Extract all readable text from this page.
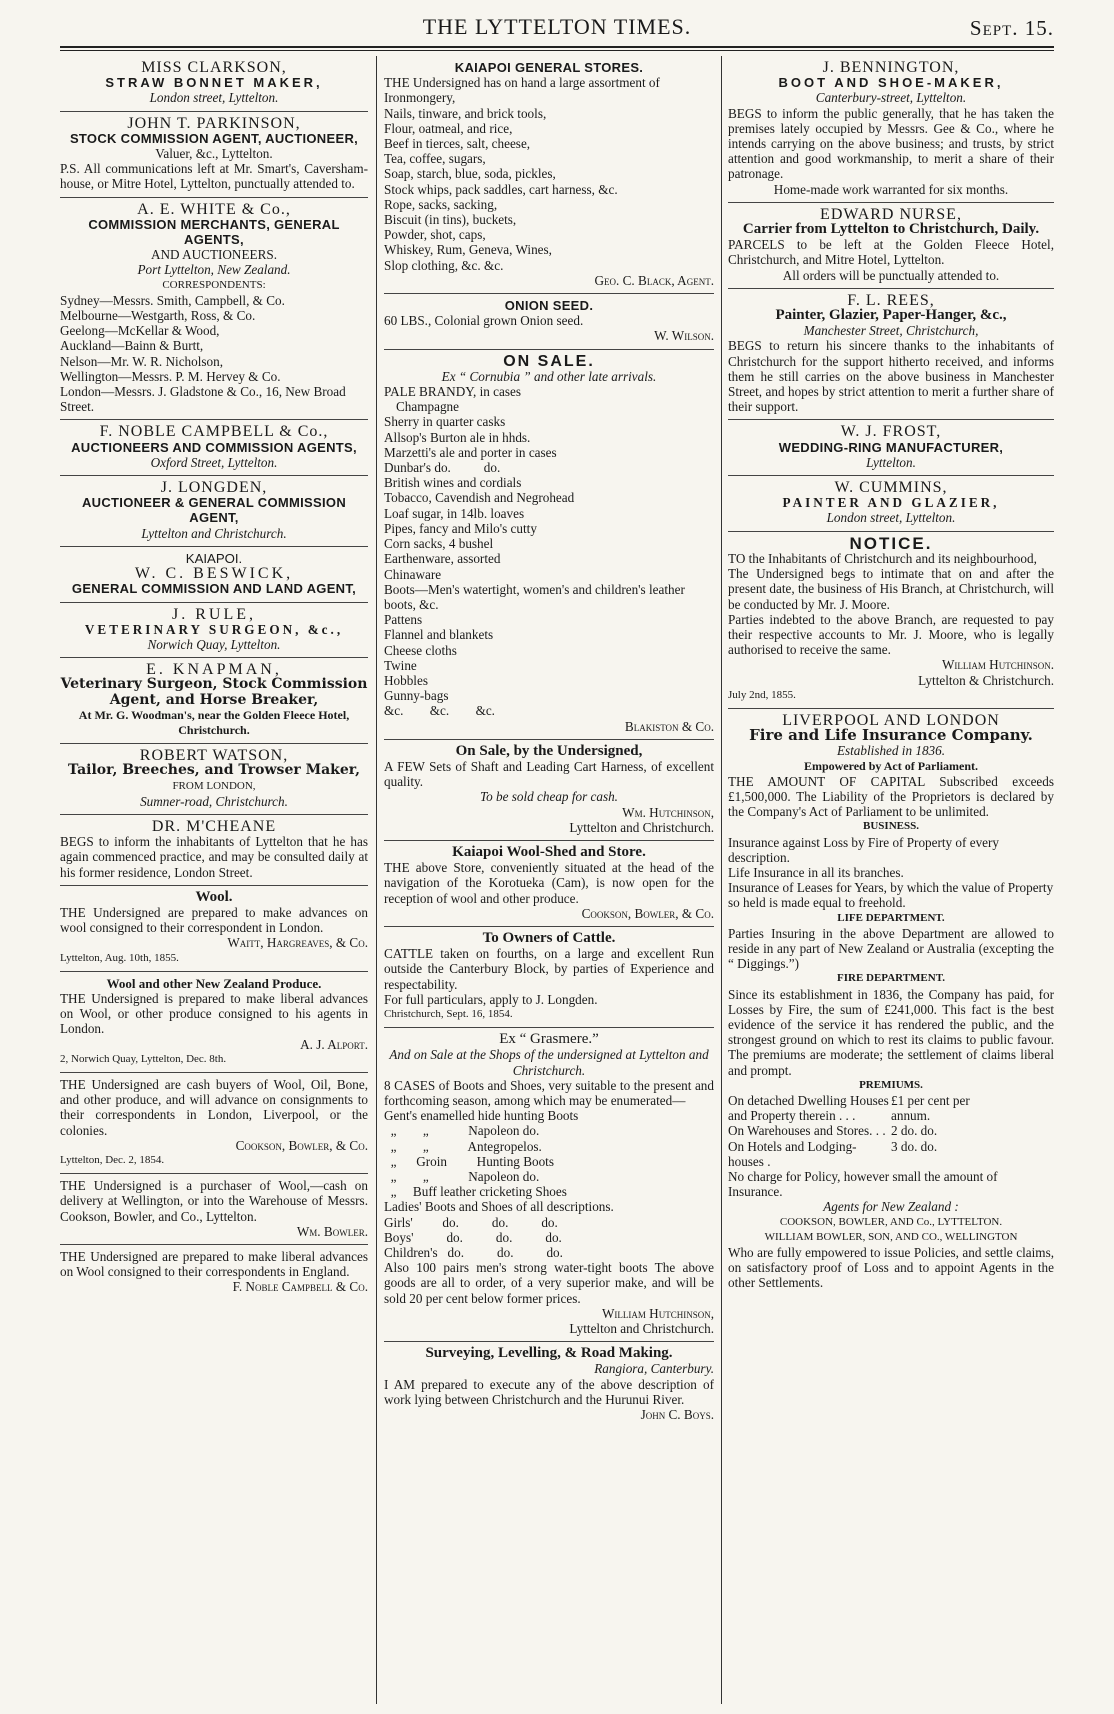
THE LYTTELTON TIMES.	Sept. 15.
MISS CLARKSON,
STRAW BONNET MAKER,
London street, Lyttelton.
JOHN T. PARKINSON,
STOCK COMMISSION AGENT, AUCTIONEER,
Valuer, &c., Lyttelton.
P.S. All communications left at Mr. Smart's, Caversham-house, or Mitre Hotel, Lyttelton, punctually attended to.
A. E. WHITE & Co.,
COMMISSION MERCHANTS, GENERAL AGENTS,
AND AUCTIONEERS.
Port Lyttelton, New Zealand.
CORRESPONDENTS:
Sydney—Messrs. Smith, Campbell, & Co.
Melbourne—Westgarth, Ross, & Co.
Geelong—McKellar & Wood,
Auckland—Bainn & Burtt,
Nelson—Mr. W. R. Nicholson,
Wellington—Messrs. P. M. Hervey & Co.
London—Messrs. J. Gladstone & Co., 16, New Broad Street.
F. NOBLE CAMPBELL & Co.,
AUCTIONEERS AND COMMISSION AGENTS,
Oxford Street, Lyttelton.
J. LONGDEN,
AUCTIONEER & GENERAL COMMISSION AGENT,
Lyttelton and Christchurch.
KAIAPOI.
W. C. BESWICK,
GENERAL COMMISSION AND LAND AGENT,
J. RULE,
VETERINARY SURGEON, &c.,
Norwich Quay, Lyttelton.
E. KNAPMAN,
Veterinary Surgeon, Stock Commission Agent, and Horse Breaker,
At Mr. G. Woodman's, near the Golden Fleece Hotel, Christchurch.
ROBERT WATSON,
Tailor, Breeches, and Trowser Maker,
FROM LONDON,
Sumner-road, Christchurch.
DR. M'CHEANE
BEGS to inform the inhabitants of Lyttelton that he has again commenced practice, and may be consulted daily at his former residence, London Street.
Wool.
THE Undersigned are prepared to make advances on wool consigned to their correspondent in London.
Waitt, Hargreaves, & Co.
Lyttelton, Aug. 10th, 1855.
Wool and other New Zealand Produce.
THE Undersigned is prepared to make liberal advances on Wool, or other produce consigned to his agents in London.
A. J. Alport.
2, Norwich Quay, Lyttelton, Dec. 8th.
THE Undersigned are cash buyers of Wool, Oil, Bone, and other produce, and will advance on consignments to their correspondents in London, Liverpool, or the colonies.
Cookson, Bowler, & Co.
Lyttelton, Dec. 2, 1854.
THE Undersigned is a purchaser of Wool,—cash on delivery at Wellington, or into the Warehouse of Messrs. Cookson, Bowler, and Co., Lyttelton.
Wm. Bowler.
THE Undersigned are prepared to make liberal advances on Wool consigned to their correspondents in England.
F. Noble Campbell & Co.
KAIAPOI GENERAL STORES.
THE Undersigned has on hand a large assortment of
Ironmongery,
Nails, tinware, and brick tools,
Flour, oatmeal, and rice,
Beef in tierces, salt, cheese,
Tea, coffee, sugars,
Soap, starch, blue, soda, pickles,
Stock whips, pack saddles, cart harness, &c.
Rope, sacks, sacking,
Biscuit (in tins), buckets,
Powder, shot, caps,
Whiskey, Rum, Geneva, Wines,
Slop clothing, &c. &c.
Geo. C. Black, Agent.
ONION SEED.
60 LBS., Colonial grown Onion seed.
W. Wilson.
ON SALE.
Ex “ Cornubia ” and other late arrivals.
PALE BRANDY, in cases
Champagne
Sherry in quarter casks
Allsop's Burton ale in hhds.
Marzetti's ale and porter in cases
Dunbar's do.          do.
British wines and cordials
Tobacco, Cavendish and Negrohead
Loaf sugar, in 14lb. loaves
Pipes, fancy and Milo's cutty
Corn sacks, 4 bushel
Earthenware, assorted
Chinaware
Boots—Men's watertight, women's and children's leather boots, &c.
Pattens
Flannel and blankets
Cheese cloths
Twine
Hobbles
Gunny-bags
&c.        &c.        &c.
Blakiston & Co.
On Sale, by the Undersigned,
A FEW Sets of Shaft and Leading Cart Harness, of excellent quality.
To be sold cheap for cash.
Wm. Hutchinson,
Lyttelton and Christchurch.
Kaiapoi Wool-Shed and Store.
THE above Store, conveniently situated at the head of the navigation of the Korotueka (Cam), is now open for the reception of wool and other produce.
Cookson, Bowler, & Co.
To Owners of Cattle.
CATTLE taken on fourths, on a large and excellent Run outside the Canterbury Block, by parties of Experience and respectability.
For full particulars, apply to J. Longden.
Christchurch, Sept. 16, 1854.
Ex “ Grasmere.”
And on Sale at the Shops of the undersigned at Lyttelton and Christchurch.
8 CASES of Boots and Shoes, very suitable to the present and forthcoming season, among which may be enumerated—
Gent's enamelled hide hunting Boots
„        „            Napoleon do.
„        „            Antegropelos.
„      Groin         Hunting Boots
„        „            Napoleon do.
„     Buff leather cricketing Shoes
Ladies' Boots and Shoes of all descriptions.
Girls'         do.          do.          do.
Boys'          do.          do.          do.
Children's   do.          do.          do.
Also 100 pairs men's strong water-tight boots The above goods are all to order, of a very superior make, and will be sold 20 per cent below former prices.
William Hutchinson,
Lyttelton and Christchurch.
Surveying, Levelling, & Road Making.
Rangiora, Canterbury.
I AM prepared to execute any of the above description of work lying between Christchurch and the Hurunui River.
John C. Boys.
J. BENNINGTON,
BOOT AND SHOE-MAKER,
Canterbury-street, Lyttelton.
BEGS to inform the public generally, that he has taken the premises lately occupied by Messrs. Gee & Co., where he intends carrying on the above business; and trusts, by strict attention and good workmanship, to merit a share of their patronage.
Home-made work warranted for six months.
EDWARD NURSE,
Carrier from Lyttelton to Christchurch, Daily.
PARCELS to be left at the Golden Fleece Hotel, Christchurch, and Mitre Hotel, Lyttelton.
All orders will be punctually attended to.
F. L. REES,
Painter, Glazier, Paper-Hanger, &c.,
Manchester Street, Christchurch,
BEGS to return his sincere thanks to the inhabitants of Christchurch for the support hitherto received, and informs them he still carries on the above business in Manchester Street, and hopes by strict attention to merit a further share of their support.
W. J. FROST,
WEDDING-RING MANUFACTURER,
Lyttelton.
W. CUMMINS,
PAINTER AND GLAZIER,
London street, Lyttelton.
NOTICE.
TO the Inhabitants of Christchurch and its neighbourhood,
The Undersigned begs to intimate that on and after the present date, the business of His Branch, at Christchurch, will be conducted by Mr. J. Moore.
Parties indebted to the above Branch, are requested to pay their respective accounts to Mr. J. Moore, who is legally authorised to receive the same.
William Hutchinson.
Lyttelton & Christchurch.
July 2nd, 1855.
LIVERPOOL AND LONDON
Fire and Life Insurance Company.
Established in 1836.
Empowered by Act of Parliament.
THE AMOUNT OF CAPITAL Subscribed exceeds £1,500,000. The Liability of the Proprietors is declared by the Company's Act of Parliament to be unlimited.
BUSINESS.
Insurance against Loss by Fire of Property of every description.
Life Insurance in all its branches.
Insurance of Leases for Years, by which the value of Property so held is made equal to freehold.
LIFE DEPARTMENT.
Parties Insuring in the above Department are allowed to reside in any part of New Zealand or Australia (excepting the “ Diggings.”)
FIRE DEPARTMENT.
Since its establishment in 1836, the Company has paid, for Losses by Fire, the sum of £241,000. This fact is the best evidence of the service it has rendered the public, and the strongest ground on which to rest its claims to public favour. The premiums are moderate; the settlement of claims liberal and prompt.
PREMIUMS.
On detached Dwelling Houses £1 per cent per
and Property therein . . .	annum.
On Warehouses and Stores. . . 2 do. do.
On Hotels and Lodging-houses .
3 do. do.
No charge for Policy, however small the amount of Insurance.
Agents for New Zealand :
COOKSON, BOWLER, AND Co., LYTTELTON.
WILLIAM BOWLER, SON, AND CO., WELLINGTON
Who are fully empowered to issue Policies, and settle claims, on satisfactory proof of Loss and to appoint Agents in the other Settlements.
